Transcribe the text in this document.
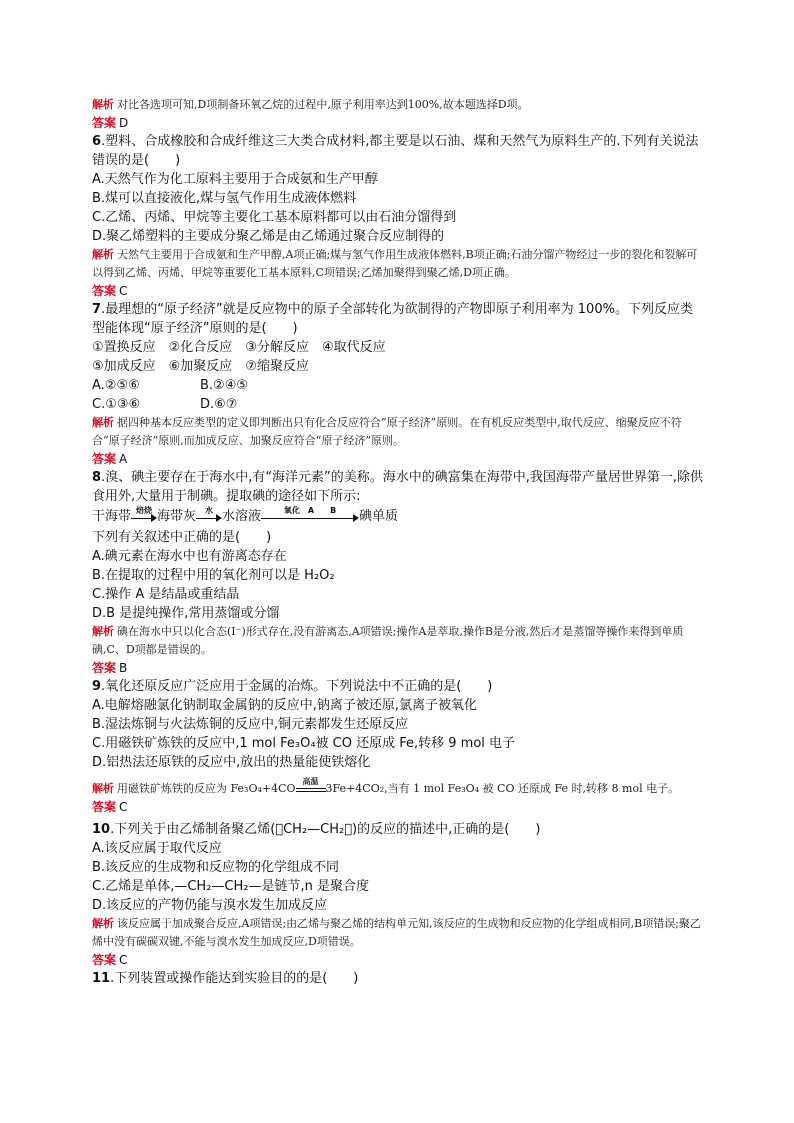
解析 对比各选项可知,D项制备环氧乙烷的过程中,原子利用率达到100%,故本题选择D项。
答案 D
6.塑料、合成橡胶和合成纤维这三大类合成材料,都主要是以石油、煤和天然气为原料生产的.下列有关说法错误的是(　　)
A.天然气作为化工原料主要用于合成氨和生产甲醇
B.煤可以直接液化,煤与氢气作用生成液体燃料
C.乙烯、丙烯、甲烷等主要化工基本原料都可以由石油分馏得到
D.聚乙烯塑料的主要成分聚乙烯是由乙烯通过聚合反应制得的
解析 天然气主要用于合成氨和生产甲醇,A项正确;煤与氢气作用生成液体燃料,B项正确;石油分馏产物经过一步的裂化和裂解可以得到乙烯、丙烯、甲烷等重要化工基本原料,C项错误;乙烯加聚得到聚乙烯,D项正确。
答案 C
7.最理想的“原子经济”就是反应物中的原子全部转化为欲制得的产物即原子利用率为 100%。下列反应类型能体现“原子经济”原则的是(　　)
①置换反应　②化合反应　③分解反应　④取代反应
⑤加成反应　⑥加聚反应　⑦缩聚反应
A.②⑤⑥	B.②④⑤
C.①③⑥	D.⑥⑦
解析 据四种基本反应类型的定义即判断出只有化合反应符合“原子经济”原则。在有机反应类型中,取代反应、缩聚反应不符合“原子经济”原则,而加成反应、加聚反应符合“原子经济”原则。
答案 A
8.溴、碘主要存在于海水中,有“海洋元素”的美称。海水中的碘富集在海带中,我国海带产量居世界第一,除供食用外,大量用于制碘。提取碘的途径如下所示:
干海带 焙烧 海带灰	水 水溶液	氧化　A　　B	碘单质
下列有关叙述中正确的是(　　)
A.碘元素在海水中也有游离态存在
B.在提取的过程中用的氧化剂可以是 H₂O₂
C.操作 A 是结晶或重结晶
D.B 是提纯操作,常用蒸馏或分馏
解析 碘在海水中只以化合态(I⁻)形式存在,没有游离态,A项错误;操作A是萃取,操作B是分液,然后才是蒸馏等操作来得到单质碘,C、D项都是错误的。
答案 B
9.氧化还原反应广泛应用于金属的冶炼。下列说法中不正确的是(　　)
A.电解熔融氯化钠制取金属钠的反应中,钠离子被还原,氯离子被氧化
B.湿法炼铜与火法炼铜的反应中,铜元素都发生还原反应
C.用磁铁矿炼铁的反应中,1 mol Fe₃O₄被 CO 还原成 Fe,转移 9 mol 电子
D.铝热法还原铁的反应中,放出的热量能使铁熔化
解析 用磁铁矿炼铁的反应为 Fe₃O₄+4CO
高温
3Fe+4CO₂,当有 1 mol Fe₃O₄ 被 CO 还原成 Fe 时,转移 8 mol 电子。
答案 C
10.下列关于由乙烯制备聚乙烯(􀰷CH₂—CH₂􀰸)的反应的描述中,正确的是(　　)
A.该反应属于取代反应
B.该反应的生成物和反应物的化学组成不同
C.乙烯是单体,—CH₂—CH₂—是链节,n 是聚合度
D.该反应的产物仍能与溴水发生加成反应
解析 该反应属于加成聚合反应,A项错误;由乙烯与聚乙烯的结构单元知,该反应的生成物和反应物的化学组成相同,B项错误;聚乙烯中没有碳碳双键,不能与溴水发生加成反应,D项错误。
答案 C
11.下列装置或操作能达到实验目的的是(　　)
